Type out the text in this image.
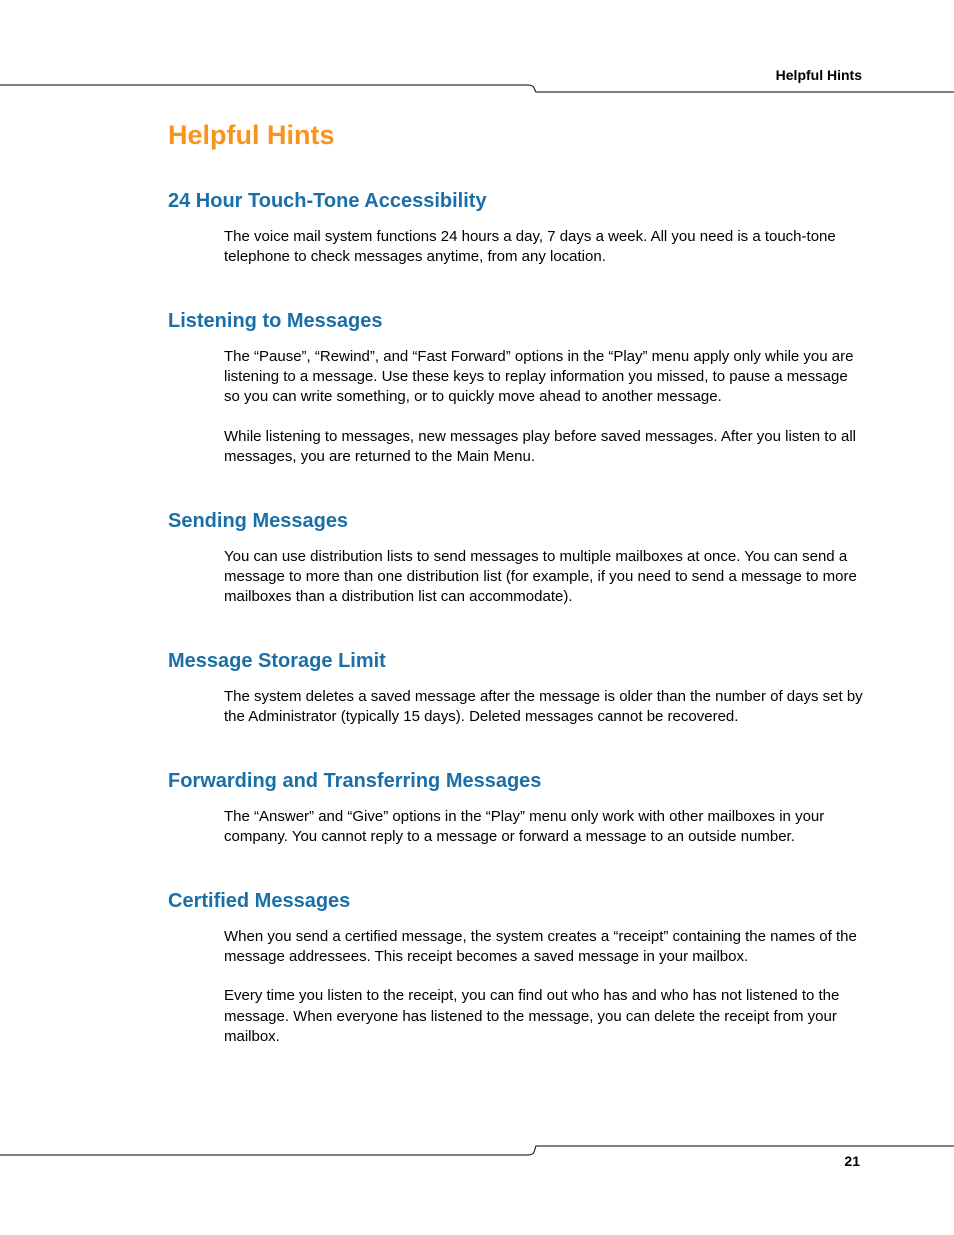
Helpful Hints
Helpful Hints
24 Hour Touch-Tone Accessibility

The voice mail system functions 24 hours a day, 7 days a week. All you need is a touch-tone telephone to check messages anytime, from any location.

Listening to Messages

The “Pause”, “Rewind”, and “Fast Forward” options in the “Play” menu apply only while you are listening to a message. Use these keys to replay information you missed, to pause a message so you can write something, or to quickly move ahead to another message.

While listening to messages, new messages play before saved messages. After you listen to all messages, you are returned to the Main Menu.

Sending Messages

You can use distribution lists to send messages to multiple mailboxes at once. You can send a message to more than one distribution list (for example, if you need to send a message to more mailboxes than a distribution list can accommodate).

Message Storage Limit

The system deletes a saved message after the message is older than the number of days set by the Administrator (typically 15 days). Deleted messages cannot be recovered.

Forwarding and Transferring Messages

The “Answer” and “Give” options in the “Play” menu only work with other mailboxes in your company. You cannot reply to a message or forward a message to an outside number.

Certified Messages

When you send a certified message, the system creates a “receipt” containing the names of the message addressees. This receipt becomes a saved message in your mailbox.

Every time you listen to the receipt, you can find out who has and who has not listened to the message. When everyone has listened to the message, you can delete the receipt from your mailbox.

21
